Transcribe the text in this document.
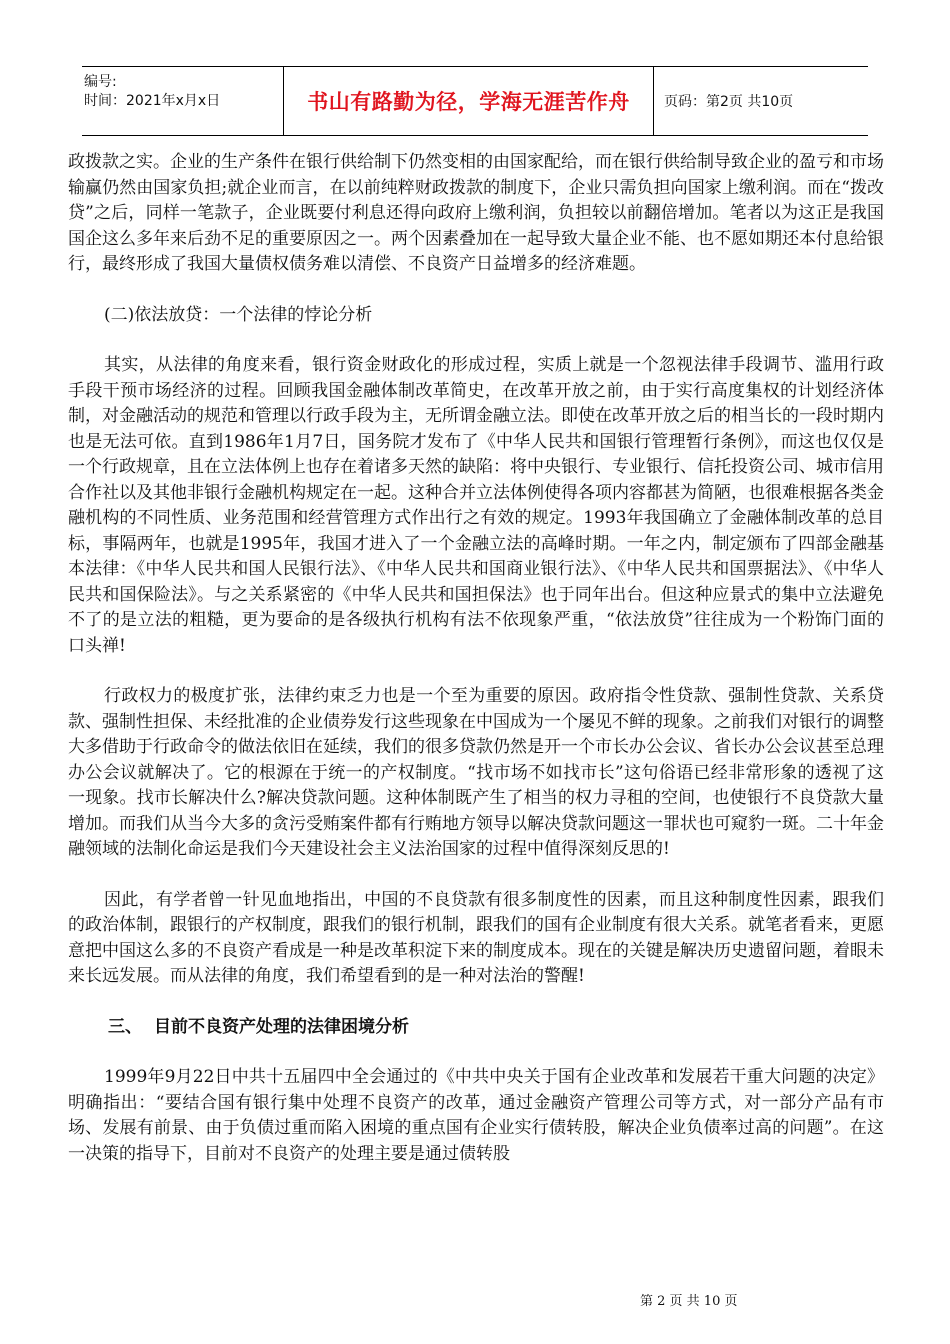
编号:
时间：2021年x月x日	书山有路勤为径，学海无涯苦作舟 页码：第2页 共10页

政拨款之实。企业的生产条件在银行供给制下仍然变相的由国家配给，而在银行供给制导致企业的盈亏和市场输赢仍然由国家负担;就企业而言，在以前纯粹财政拨款的制度下，企业只需负担向国家上缴利润。而在“拨改贷”之后，同样一笔款子，企业既要付利息还得向政府上缴利润，负担较以前翻倍增加。笔者以为这正是我国国企这么多年来后劲不足的重要原因之一。两个因素叠加在一起导致大量企业不能、也不愿如期还本付息给银行，最终形成了我国大量债权债务难以清偿、不良资产日益增多的经济难题。

(二)依法放贷：一个法律的悖论分析

其实，从法律的角度来看，银行资金财政化的形成过程，实质上就是一个忽视法律手段调节、滥用行政手段干预市场经济的过程。回顾我国金融体制改革简史，在改革开放之前，由于实行高度集权的计划经济体制，对金融活动的规范和管理以行政手段为主，无所谓金融立法。即使在改革开放之后的相当长的一段时期内也是无法可依。直到1986年1月7日，国务院才发布了《中华人民共和国银行管理暂行条例》，而这也仅仅是一个行政规章，且在立法体例上也存在着诸多天然的缺陷：将中央银行、专业银行、信托投资公司、城市信用合作社以及其他非银行金融机构规定在一起。这种合并立法体例使得各项内容都甚为简陋，也很难根据各类金融机构的不同性质、业务范围和经营管理方式作出行之有效的规定。1993年我国确立了金融体制改革的总目标，事隔两年，也就是1995年，我国才进入了一个金融立法的高峰时期。一年之内，制定颁布了四部金融基本法律：《中华人民共和国人民银行法》、《中华人民共和国商业银行法》、《中华人民共和国票据法》、《中华人民共和国保险法》。与之关系紧密的《中华人民共和国担保法》也于同年出台。但这种应景式的集中立法避免不了的是立法的粗糙，更为要命的是各级执行机构有法不依现象严重，“依法放贷”往往成为一个粉饰门面的口头禅!

行政权力的极度扩张，法律约束乏力也是一个至为重要的原因。政府指令性贷款、强制性贷款、关系贷款、强制性担保、未经批准的企业债券发行这些现象在中国成为一个屡见不鲜的现象。之前我们对银行的调整大多借助于行政命令的做法依旧在延续，我们的很多贷款仍然是开一个市长办公会议、省长办公会议甚至总理办公会议就解决了。它的根源在于统一的产权制度。“找市场不如找市长”这句俗语已经非常形象的透视了这一现象。找市长解决什么?解决贷款问题。这种体制既产生了相当的权力寻租的空间，也使银行不良贷款大量增加。而我们从当今大多的贪污受贿案件都有行贿地方领导以解决贷款问题这一罪状也可窥豹一斑。二十年金融领域的法制化命运是我们今天建设社会主义法治国家的过程中值得深刻反思的!

因此，有学者曾一针见血地指出，中国的不良贷款有很多制度性的因素，而且这种制度性因素，跟我们的政治体制，跟银行的产权制度，跟我们的银行机制，跟我们的国有企业制度有很大关系。就笔者看来，更愿意把中国这么多的不良资产看成是一种是改革积淀下来的制度成本。现在的关键是解决历史遗留问题，着眼未来长远发展。而从法律的角度，我们希望看到的是一种对法治的警醒!

三、 目前不良资产处理的法律困境分析

1999年9月22日中共十五届四中全会通过的《中共中央关于国有企业改革和发展若干重大问题的决定》明确指出：“要结合国有银行集中处理不良资产的改革，通过金融资产管理公司等方式，对一部分产品有市场、发展有前景、由于负债过重而陷入困境的重点国有企业实行债转股，解决企业负债率过高的问题”。在这一决策的指导下，目前对不良资产的处理主要是通过债转股

第 2 页 共 10 页
